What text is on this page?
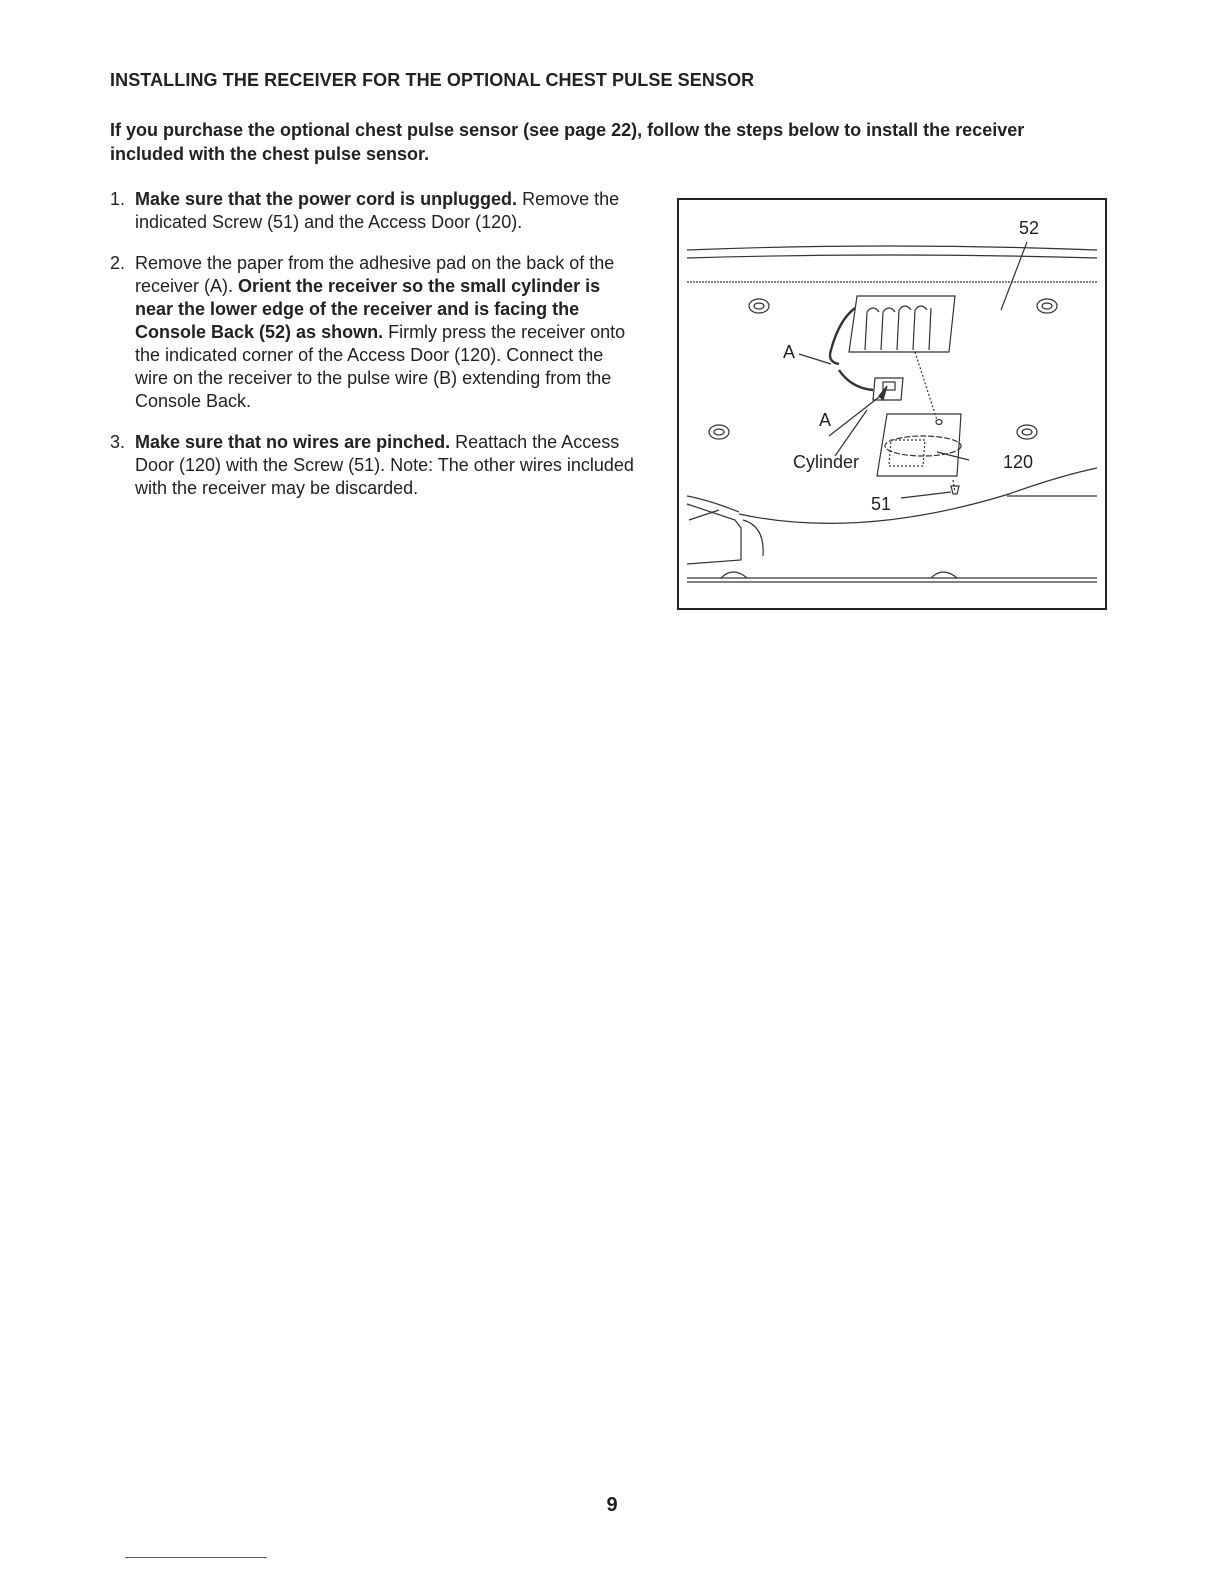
INSTALLING THE RECEIVER FOR THE OPTIONAL CHEST PULSE SENSOR

If you purchase the optional chest pulse sensor (see page 22), follow the steps below to install the receiver included with the chest pulse sensor.

1. Make sure that the power cord is unplugged. Remove the indicated Screw (51) and the Access Door (120).
2. Remove the paper from the adhesive pad on the back of the receiver (A). Orient the receiver so the small cylinder is near the lower edge of the receiver and is facing the Console Back (52) as shown. Firmly press the receiver onto the indicated corner of the Access Door (120). Connect the wire on the receiver to the pulse wire (B) extending from the Console Back.
3. Make sure that no wires are pinched. Reattach the Access Door (120) with the Screw (51). Note: The other wires included with the receiver may be discarded.
52
A
A
Cylinder	120
51
9
